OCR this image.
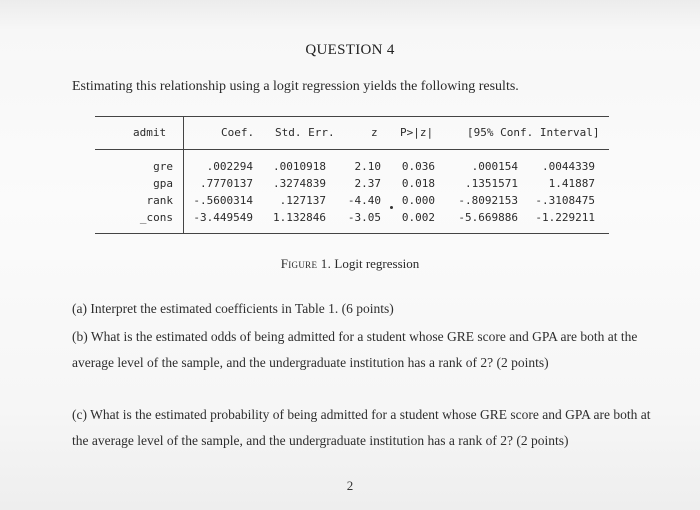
QUESTION 4
Estimating this relationship using a logit regression yields the following results.
admit	Coef. Std. Err.	z P>|z|	[95% Conf. Interval]
gre	.002294 .0010918	2.10 0.036	.000154 .0044339
gpa .7770137 .3274839	2.37 0.018	.1351571	1.41887
rank -.5600314 .127137 -4.40 0.000 -.8092153 -.3108475
_cons -3.449549 1.132846 -3.05 0.002 -5.669886 -1.229211
Figure 1. Logit regression
(a) Interpret the estimated coefficients in Table 1. (6 points)
(b) What is the estimated odds of being admitted for a student whose GRE score and GPA are both at the average level of the sample, and the undergraduate institution has a rank of 2? (2 points)
(c) What is the estimated probability of being admitted for a student whose GRE score and GPA are both at the average level of the sample, and the undergraduate institution has a rank of 2? (2 points)
2
